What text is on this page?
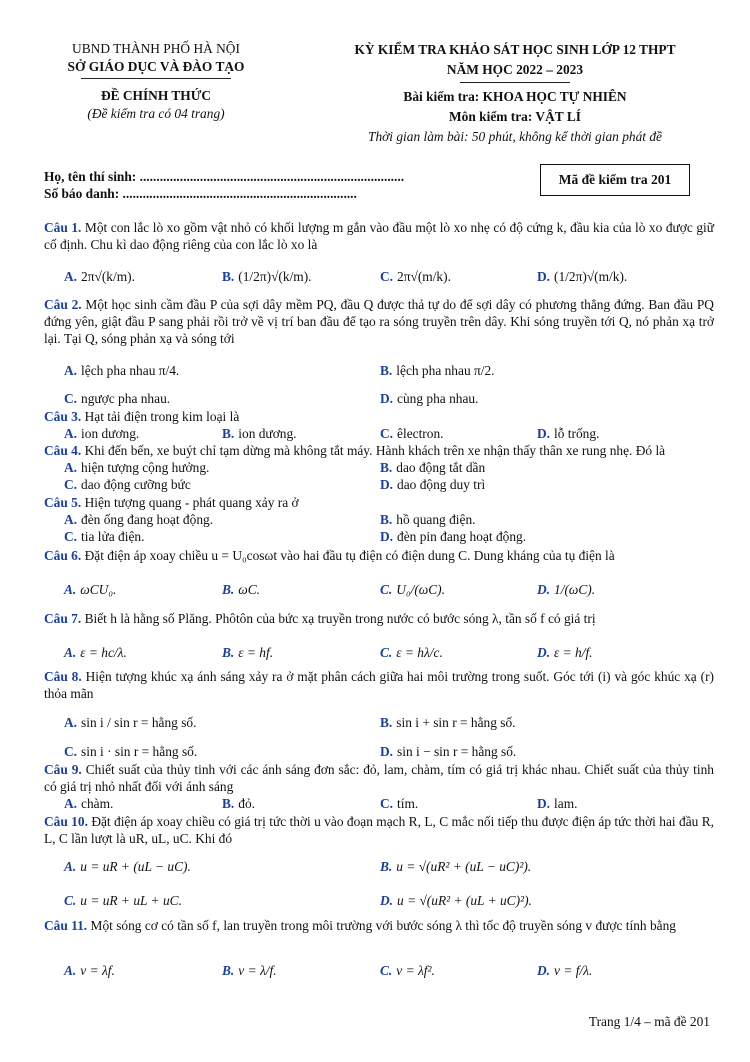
UBND THÀNH PHỐ HÀ NỘI
SỞ GIÁO DỤC VÀ ĐÀO TẠO
ĐỀ CHÍNH THỨC
(Đề kiểm tra có 04 trang)
KỲ KIỂM TRA KHẢO SÁT HỌC SINH LỚP 12 THPT
NĂM HỌC 2022 – 2023
Bài kiểm tra: KHOA HỌC TỰ NHIÊN
Môn kiểm tra: VẬT LÍ
Thời gian làm bài: 50 phút, không kể thời gian phát đề
Họ, tên thí sinh: ...............................................................................
Số báo danh: ......................................................................
Mã đề kiểm tra 201
Câu 1. Một con lắc lò xo gồm vật nhỏ có khối lượng m gắn vào đầu một lò xo nhẹ có độ cứng k, đầu kia của lò xo được giữ cố định. Chu kì dao động riêng của con lắc lò xo là
A. 2π√(k/m).	B. (1/2π)√(k/m).	C. 2π√(m/k).	D. (1/2π)√(m/k).
Câu 2. Một học sinh cầm đầu P của sợi dây mềm PQ, đầu Q được thả tự do để sợi dây có phương thẳng đứng. Ban đầu PQ đứng yên, giật đầu P sang phải rồi trở về vị trí ban đầu để tạo ra sóng truyền trên dây. Khi sóng truyền tới Q, nó phản xạ trở lại. Tại Q, sóng phản xạ và sóng tới
A. lệch pha nhau π/4.	B. lệch pha nhau π/2.
C. ngược pha nhau.	D. cùng pha nhau.
Câu 3. Hạt tải điện trong kim loại là
A. ion dương.	B. ion dương.	C. êlectron.	D. lỗ trống.
Câu 4. Khi đến bến, xe buýt chỉ tạm dừng mà không tắt máy. Hành khách trên xe nhận thấy thân xe rung nhẹ. Đó là
A. hiện tượng cộng hưởng.	B. dao động tắt dần
C. dao động cưỡng bức	D. dao động duy trì
Câu 5. Hiện tượng quang - phát quang xảy ra ở
A. đèn ống đang hoạt động.	B. hồ quang điện.
C. tia lửa điện.	D. đèn pin đang hoạt động.
Câu 6. Đặt điện áp xoay chiều u = U₀cosωt vào hai đầu tụ điện có điện dung C. Dung kháng của tụ điện là
A. ωCU₀.	B. ωC.	C. U₀/(ωC).	D. 1/(ωC).
Câu 7. Biết h là hằng số Plăng. Phôtôn của bức xạ truyền trong nước có bước sóng λ, tần số f có giá trị
A. ε = hc/λ.	B. ε = hf.	C. ε = hλ/c.	D. ε = h/f.
Câu 8. Hiện tượng khúc xạ ánh sáng xảy ra ở mặt phân cách giữa hai môi trường trong suốt. Góc tới (i) và góc khúc xạ (r) thỏa mãn
A. sin i / sin r = hằng số.	B. sin i + sin r = hằng số.
C. sin i · sin r = hằng số.	D. sin i − sin r = hằng số.
Câu 9. Chiết suất của thủy tinh với các ánh sáng đơn sắc: đỏ, lam, chàm, tím có giá trị khác nhau. Chiết suất của thủy tinh có giá trị nhỏ nhất đối với ánh sáng
A. chàm.	B. đỏ.	C. tím.	D. lam.
Câu 10. Đặt điện áp xoay chiều có giá trị tức thời u vào đoạn mạch R, L, C mắc nối tiếp thu được điện áp tức thời hai đầu R, L, C lần lượt là uR, uL, uC. Khi đó
A. u = uR + (uL − uC).	B. u = √(uR² + (uL − uC)²).
C. u = uR + uL + uC.	D. u = √(uR² + (uL + uC)²).
Câu 11. Một sóng cơ có tần số f, lan truyền trong môi trường với bước sóng λ thì tốc độ truyền sóng v được tính bằng
A. v = λf.	B. v = λ/f.	C. v = λf².	D. v = f/λ.
Trang 1/4 – mã đề 201
